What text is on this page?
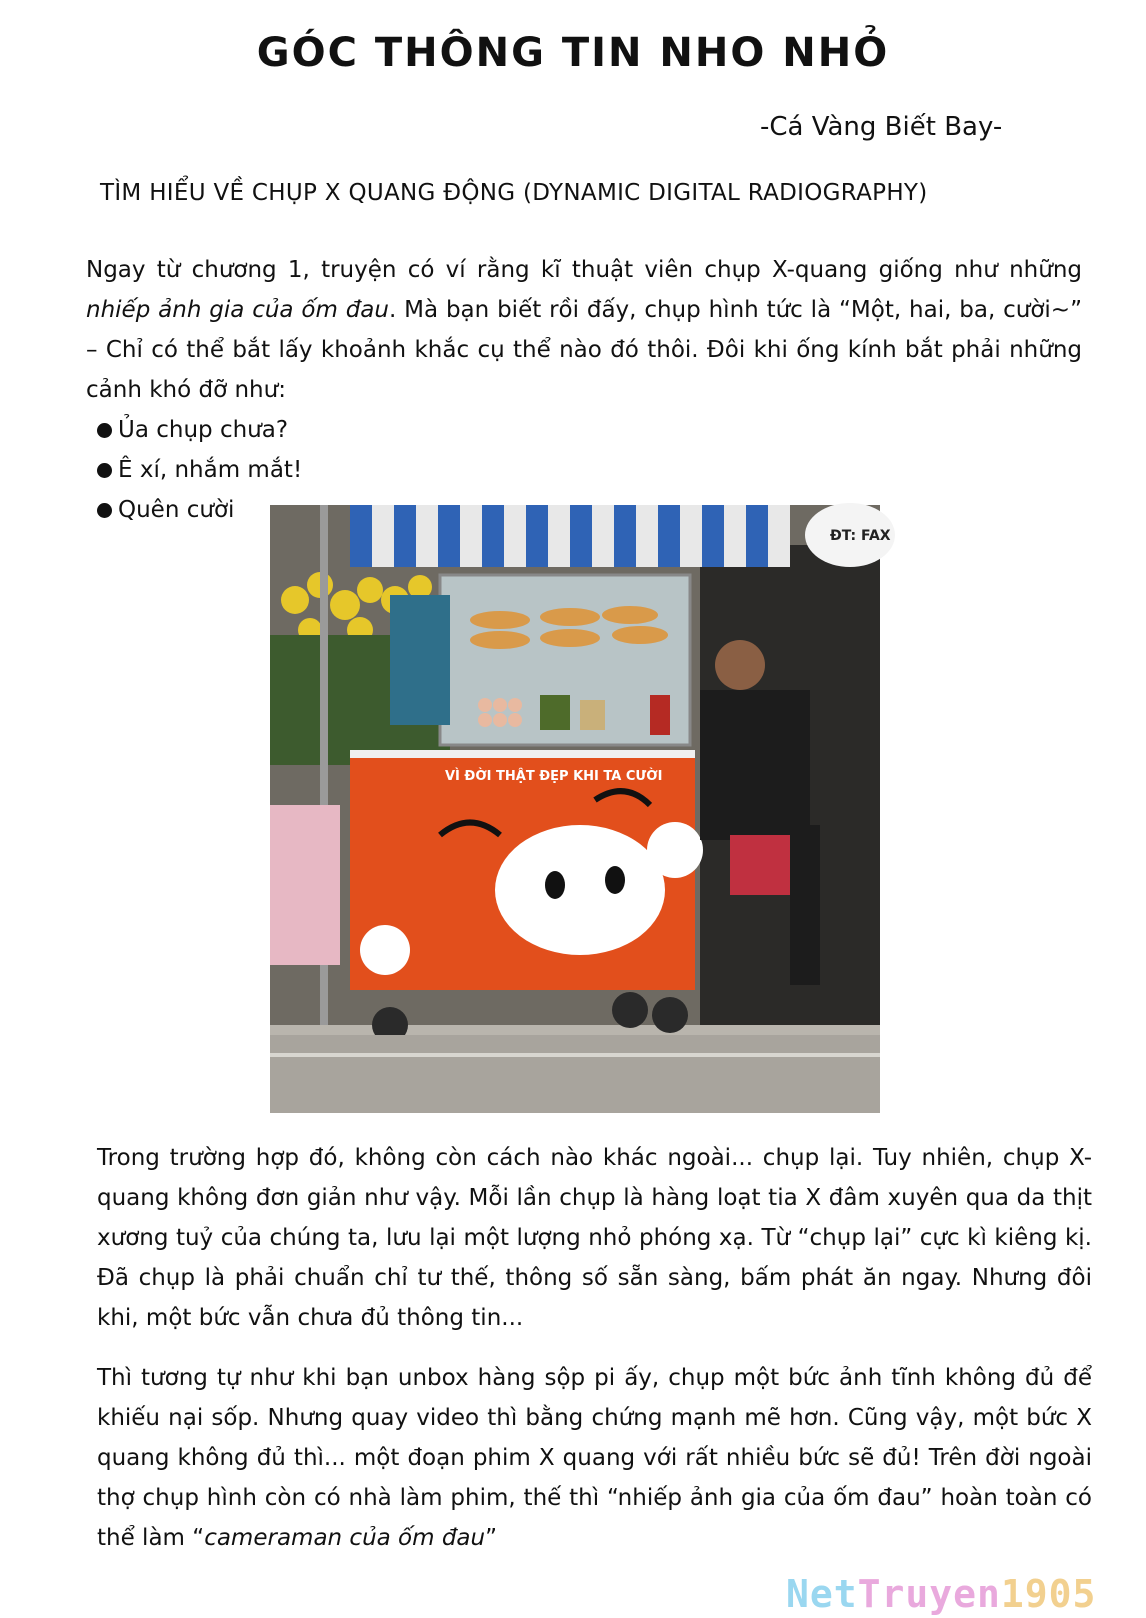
GÓC THÔNG TIN NHO NHỎ
-Cá Vàng Biết Bay-
TÌM HIỂU VỀ CHỤP X QUANG ĐỘNG (DYNAMIC DIGITAL RADIOGRAPHY)
Ngay từ chương 1, truyện có ví rằng kĩ thuật viên chụp X-quang giống như những nhiếp ảnh gia của ốm đau. Mà bạn biết rồi đấy, chụp hình tức là “Một, hai, ba, cười~” – Chỉ có thể bắt lấy khoảnh khắc cụ thể nào đó thôi. Đôi khi ống kính bắt phải những cảnh khó đỡ như:
Ủa chụp chưa?
Ê xí, nhắm mắt!
Quên cười
ĐT: FAX
VÌ ĐỜI THẬT ĐẸP KHI TA CƯỜI
Trong trường hợp đó, không còn cách nào khác ngoài... chụp lại. Tuy nhiên, chụp X-quang không đơn giản như vậy. Mỗi lần chụp là hàng loạt tia X đâm xuyên qua da thịt xương tuỷ của chúng ta, lưu lại một lượng nhỏ phóng xạ. Từ “chụp lại” cực kì kiêng kị. Đã chụp là phải chuẩn chỉ tư thế, thông số sẵn sàng, bấm phát ăn ngay. Nhưng đôi khi, một bức vẫn chưa đủ thông tin...
Thì tương tự như khi bạn unbox hàng sộp pi ấy, chụp một bức ảnh tĩnh không đủ để khiếu nại sốp. Nhưng quay video thì bằng chứng mạnh mẽ hơn. Cũng vậy, một bức X quang không đủ thì... một đoạn phim X quang với rất nhiều bức sẽ đủ! Trên đời ngoài thợ chụp hình còn có nhà làm phim, thế thì “nhiếp ảnh gia của ốm đau” hoàn toàn có thể làm “cameraman của ốm đau”
NetTruyen1905
